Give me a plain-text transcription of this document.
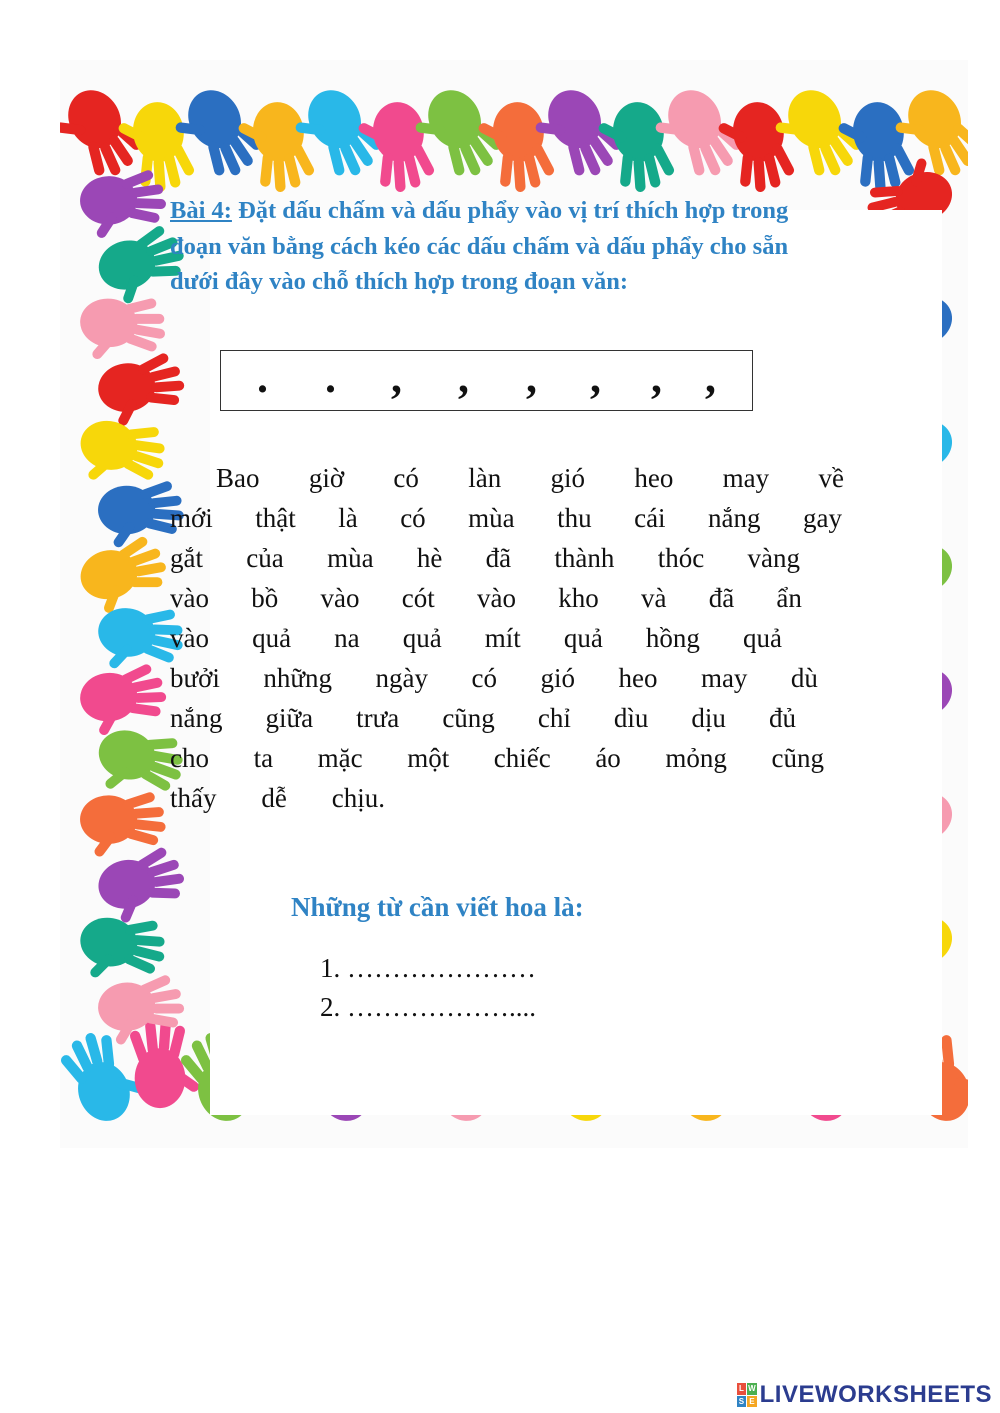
Bài 4: Đặt dấu chấm và dấu phẩy vào vị trí thích hợp trong
đoạn văn bằng cách kéo các dấu chấm và dấu phẩy cho sẵn
dưới đây vào chỗ thích hợp trong đoạn văn:
. . , , , , , ,
Bao giờ có làn gió heo may về
mới thật là có mùa thu cái nắng gay
gắt của mùa hè đã thành thóc vàng
vào bồ vào cót vào kho và đã ẩn
vào quả na quả mít quả hồng quả
bưởi những ngày có gió heo may dù
nắng giữa trưa cũng chỉ dìu dịu đủ
cho ta mặc một chiếc áo mỏng cũng
thấy dễ chịu.
Những từ cần viết hoa là:
1. …………………
2. ………………....
L W
S E LIVEWORKSHEETS
